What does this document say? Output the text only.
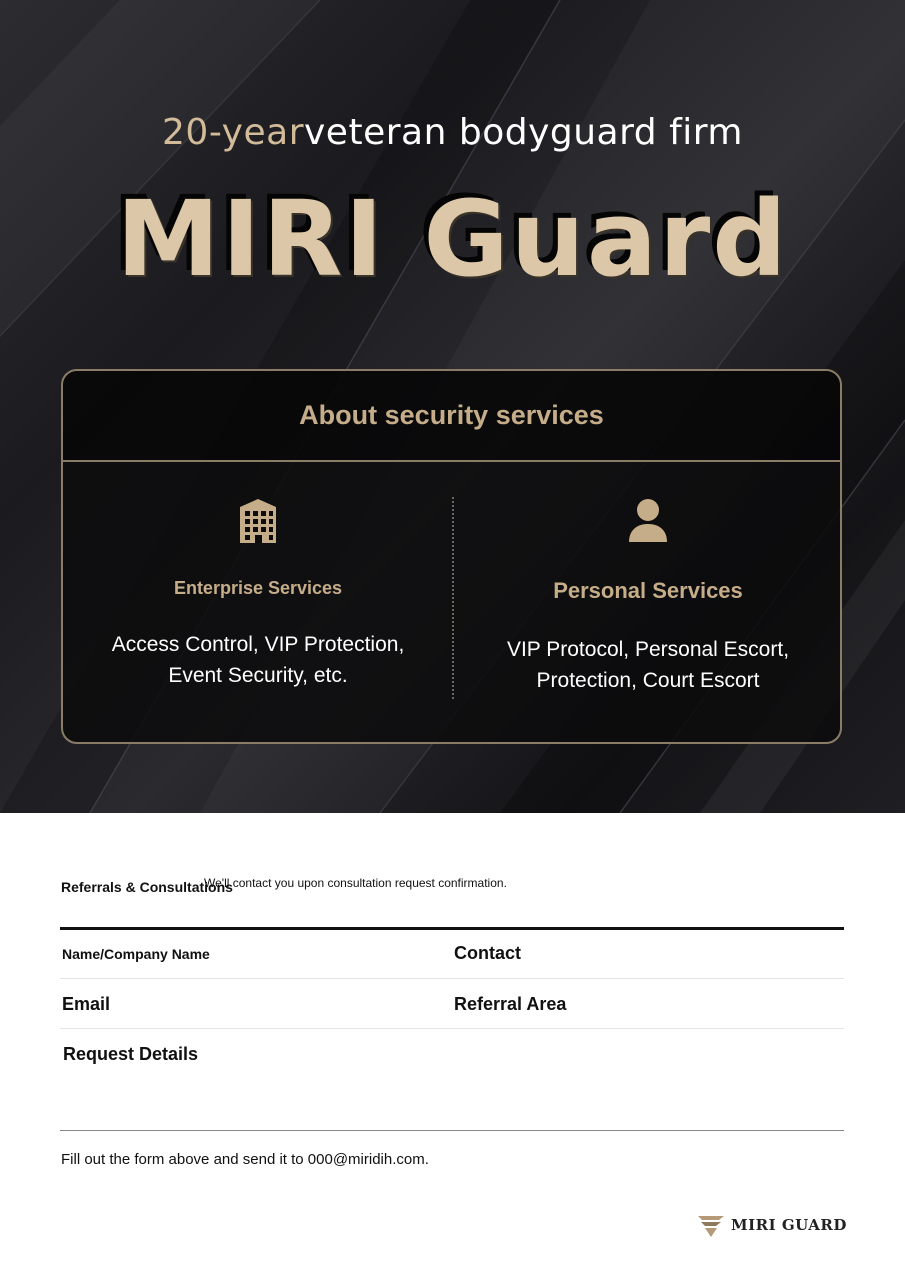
20-yearveteran bodyguard firm
MIRI Guard
About security services
Enterprise Services
Access Control, VIP Protection,
Event Security, etc.
Personal Services
VIP Protocol, Personal Escort,
Protection, Court Escort
Referrals & Consultations
We'll contact you upon consultation request confirmation.
Name/Company Name	Contact
Email	Referral Area
Request Details
Fill out the form above and send it to 000@miridih.com.
MIRI GUARD
